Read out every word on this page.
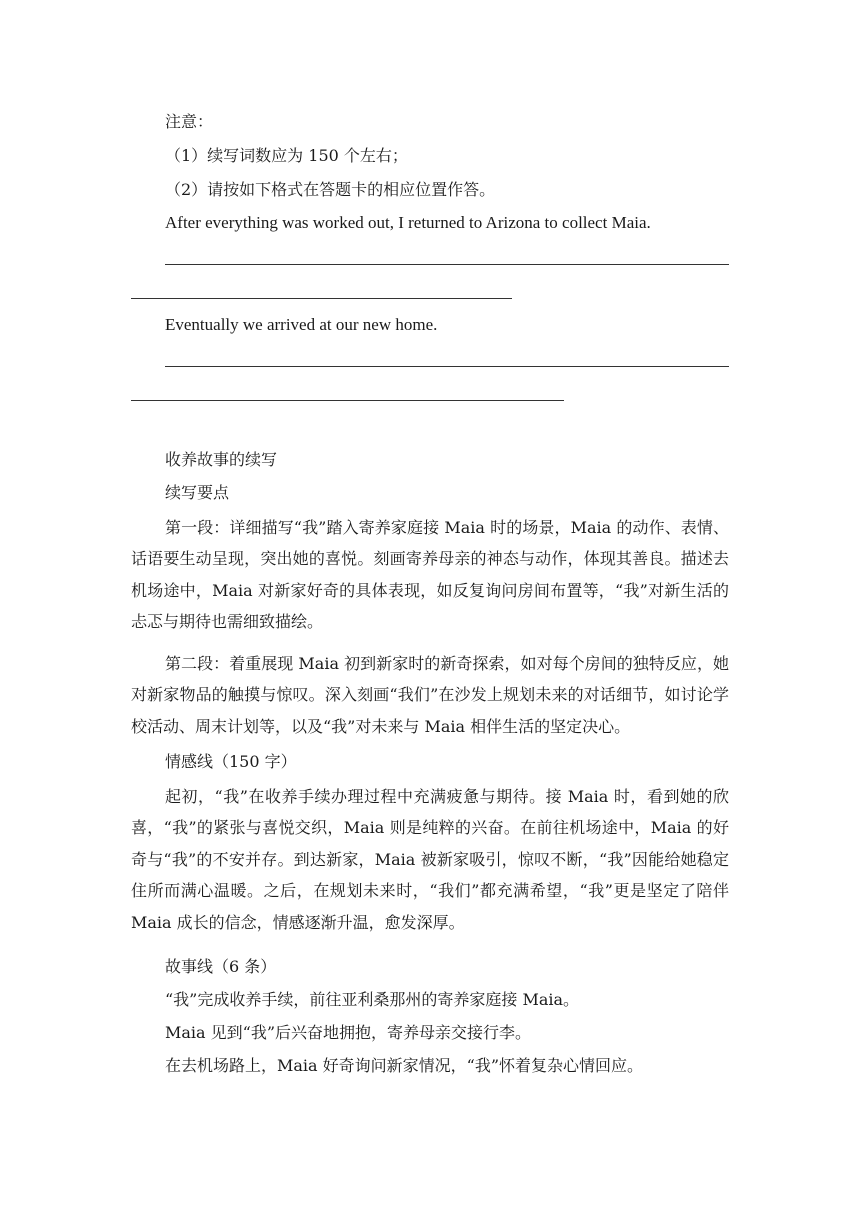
注意：
（1）续写词数应为 150 个左右；
（2）请按如下格式在答题卡的相应位置作答。
After everything was worked out, I returned to Arizona to collect Maia.
Eventually we arrived at our new home.
收养故事的续写
续写要点
第一段：详细描写“我”踏入寄养家庭接 Maia 时的场景，Maia 的动作、表情、话语要生动呈现，突出她的喜悦。刻画寄养母亲的神态与动作，体现其善良。描述去机场途中，Maia 对新家好奇的具体表现，如反复询问房间布置等，“我”对新生活的忐忑与期待也需细致描绘。
第二段：着重展现 Maia 初到新家时的新奇探索，如对每个房间的独特反应，她对新家物品的触摸与惊叹。深入刻画“我们”在沙发上规划未来的对话细节，如讨论学校活动、周末计划等，以及“我”对未来与 Maia 相伴生活的坚定决心。
情感线（150 字）
起初，“我”在收养手续办理过程中充满疲惫与期待。接 Maia 时，看到她的欣喜，“我”的紧张与喜悦交织，Maia 则是纯粹的兴奋。在前往机场途中，Maia 的好奇与“我”的不安并存。到达新家，Maia 被新家吸引，惊叹不断，“我”因能给她稳定住所而满心温暖。之后，在规划未来时，“我们”都充满希望，“我”更是坚定了陪伴 Maia 成长的信念，情感逐渐升温，愈发深厚。
故事线（6 条）
“我”完成收养手续，前往亚利桑那州的寄养家庭接 Maia。
Maia 见到“我”后兴奋地拥抱，寄养母亲交接行李。
在去机场路上，Maia 好奇询问新家情况，“我”怀着复杂心情回应。
